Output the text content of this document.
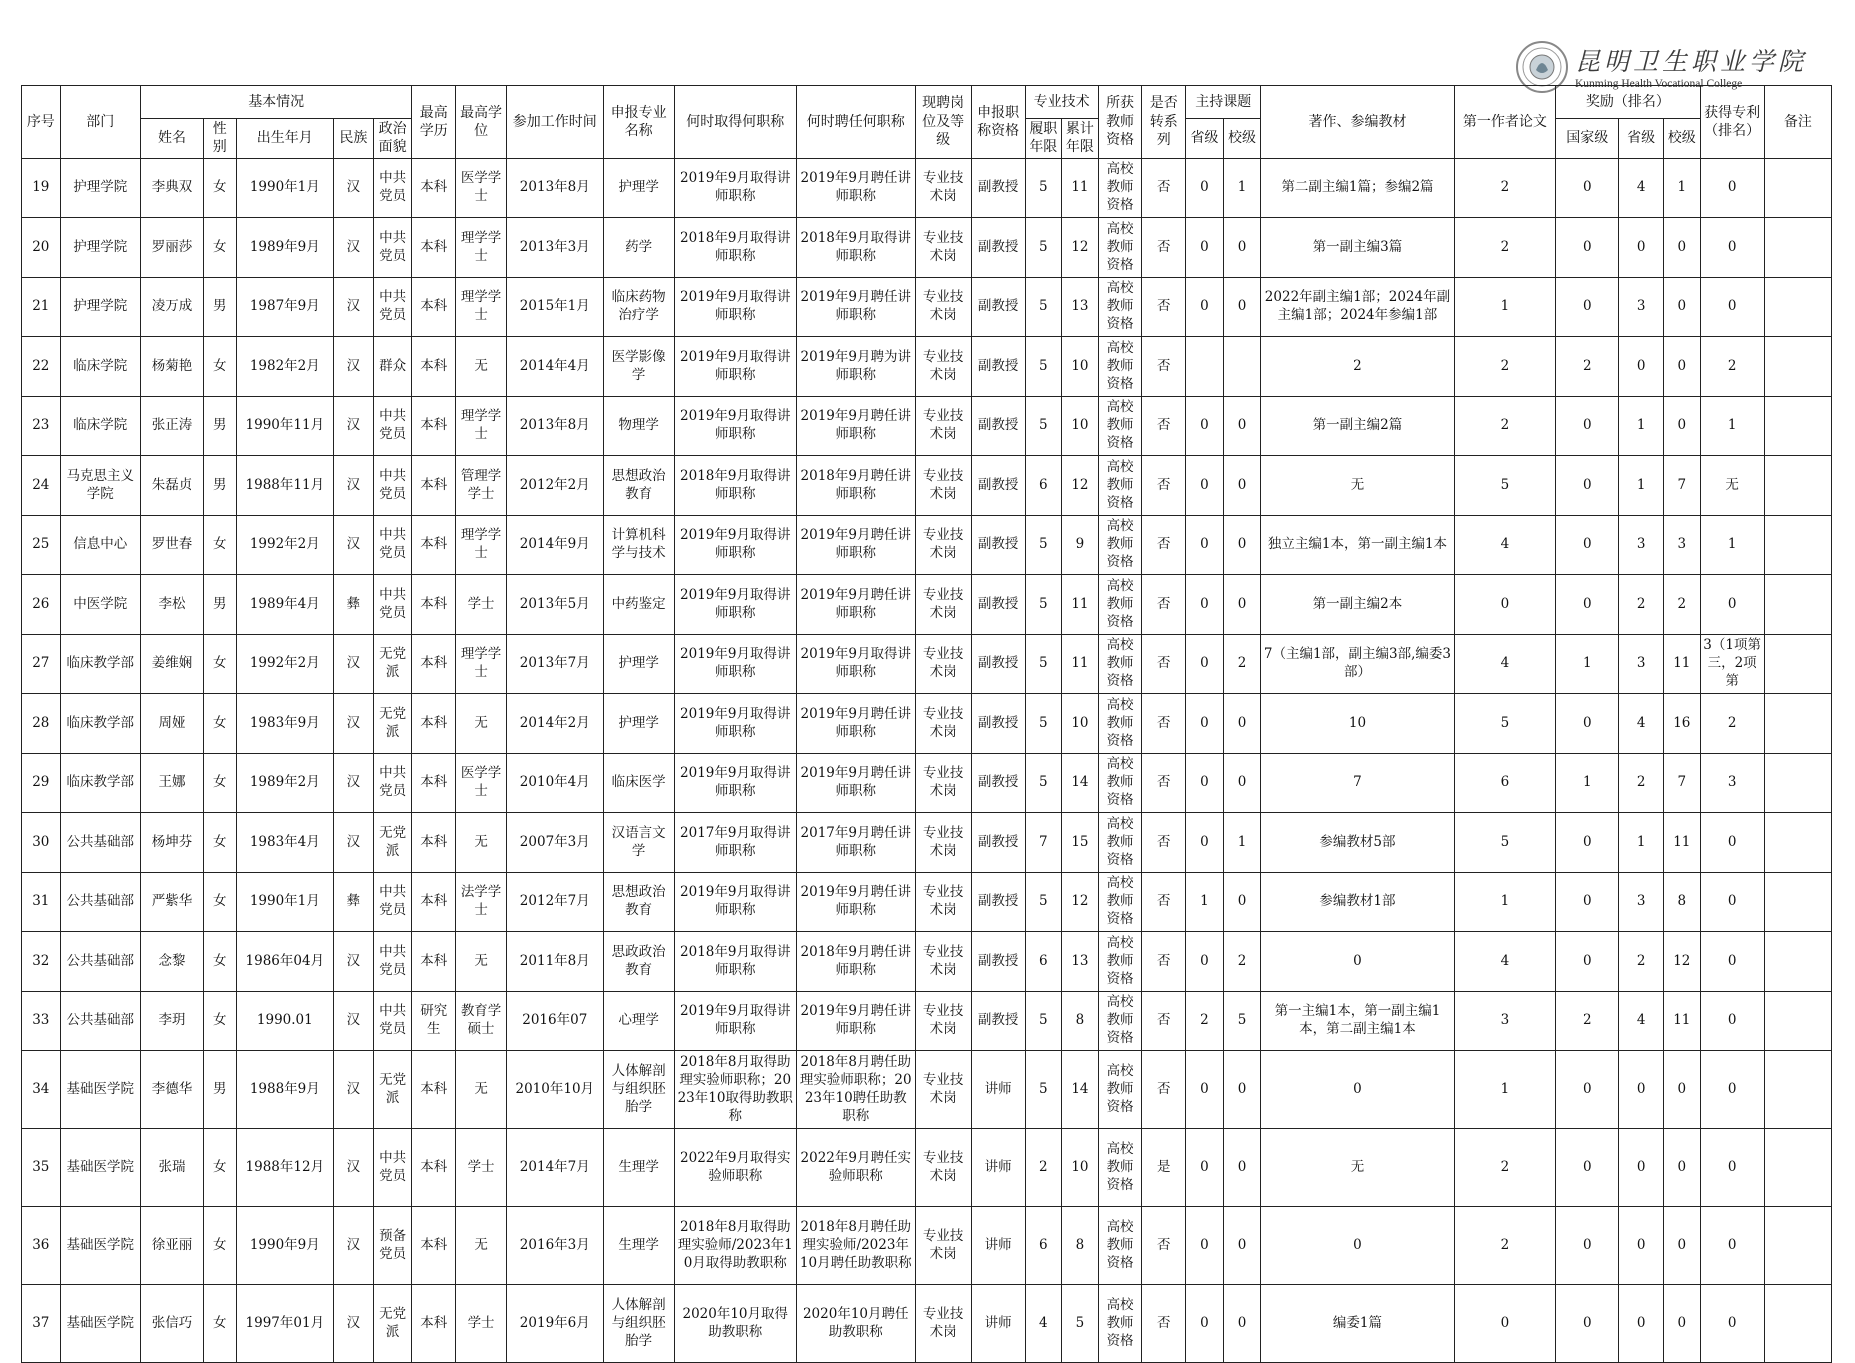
昆明卫生职业学院
Kunming Health Vocational College
序号	部门	基本情况					最高学历	最高学位	参加工作时间	申报专业名称	何时取得何职称	何时聘任何职称	现聘岗位及等级	申报职称资格	专业技术		所获教师资格	是否转系列	主持课题		著作、参编教材	第一作者论文	奖励（排名）			获得专利（排名）	备注
		姓名	性别	出生年月	民族	政治面貌									履职年限	累计年限			省级	校级			国家级	省级	校级		
19	护理学院	李典双	女	1990年1月	汉	中共党员	本科	医学学士	2013年8月	护理学	2019年9月取得讲师职称	2019年9月聘任讲师职称	专业技术岗	副教授	5	11	高校教师资格	否	0	1	第二副主编1篇；参编2篇	2	0	4	1	0	
20	护理学院	罗丽莎	女	1989年9月	汉	中共党员	本科	理学学士	2013年3月	药学	2018年9月取得讲师职称	2018年9月取得讲师职称	专业技术岗	副教授	5	12	高校教师资格	否	0	0	第一副主编3篇	2	0	0	0	0	
21	护理学院	凌万成	男	1987年9月	汉	中共党员	本科	理学学士	2015年1月	临床药物治疗学	2019年9月取得讲师职称	2019年9月聘任讲师职称	专业技术岗	副教授	5	13	高校教师资格	否	0	0	2022年副主编1部；2024年副主编1部；2024年参编1部	1	0	3	0	0	
22	临床学院	杨菊艳	女	1982年2月	汉	群众	本科	无	2014年4月	医学影像学	2019年9月取得讲师职称	2019年9月聘为讲师职称	专业技术岗	副教授	5	10	高校教师资格	否			2	2	2	0	0	2	
23	临床学院	张正涛	男	1990年11月	汉	中共党员	本科	理学学士	2013年8月	物理学	2019年9月取得讲师职称	2019年9月聘任讲师职称	专业技术岗	副教授	5	10	高校教师资格	否	0	0	第一副主编2篇	2	0	1	0	1	
24	马克思主义学院	朱磊贞	男	1988年11月	汉	中共党员	本科	管理学学士	2012年2月	思想政治教育	2018年9月取得讲师职称	2018年9月聘任讲师职称	专业技术岗	副教授	6	12	高校教师资格	否	0	0	无	5	0	1	7	无	
25	信息中心	罗世春	女	1992年2月	汉	中共党员	本科	理学学士	2014年9月	计算机科学与技术	2019年9月取得讲师职称	2019年9月聘任讲师职称	专业技术岗	副教授	5	9	高校教师资格	否	0	0	独立主编1本，第一副主编1本	4	0	3	3	1	
26	中医学院	李松	男	1989年4月	彝	中共党员	本科	学士	2013年5月	中药鉴定	2019年9月取得讲师职称	2019年9月聘任讲师职称	专业技术岗	副教授	5	11	高校教师资格	否	0	0	第一副主编2本	0	0	2	2	0	
27	临床教学部	姜维娴	女	1992年2月	汉	无党派	本科	理学学士	2013年7月	护理学	2019年9月取得讲师职称	2019年9月取得讲师职称	专业技术岗	副教授	5	11	高校教师资格	否	0	2	7（主编1部，副主编3部,编委3部）	4	1	3	11	3（1项第三，2项第	
28	临床教学部	周娅	女	1983年9月	汉	无党派	本科	无	2014年2月	护理学	2019年9月取得讲师职称	2019年9月聘任讲师职称	专业技术岗	副教授	5	10	高校教师资格	否	0	0	10	5	0	4	16	2	
29	临床教学部	王娜	女	1989年2月	汉	中共党员	本科	医学学士	2010年4月	临床医学	2019年9月取得讲师职称	2019年9月聘任讲师职称	专业技术岗	副教授	5	14	高校教师资格	否	0	0	7	6	1	2	7	3	
30	公共基础部	杨坤芬	女	1983年4月	汉	无党派	本科	无	2007年3月	汉语言文学	2017年9月取得讲师职称	2017年9月聘任讲师职称	专业技术岗	副教授	7	15	高校教师资格	否	0	1	参编教材5部	5	0	1	11	0	
31	公共基础部	严紫华	女	1990年1月	彝	中共党员	本科	法学学士	2012年7月	思想政治教育	2019年9月取得讲师职称	2019年9月聘任讲师职称	专业技术岗	副教授	5	12	高校教师资格	否	1	0	参编教材1部	1	0	3	8	0	
32	公共基础部	念黎	女	1986年04月	汉	中共党员	本科	无	2011年8月	思政政治教育	2018年9月取得讲师职称	2018年9月聘任讲师职称	专业技术岗	副教授	6	13	高校教师资格	否	0	2	0	4	0	2	12	0	
33	公共基础部	李玥	女	1990.01	汉	中共党员	研究生	教育学硕士	2016年07	心理学	2019年9月取得讲师职称	2019年9月聘任讲师职称	专业技术岗	副教授	5	8	高校教师资格	否	2	5	第一主编1本，第一副主编1本，第二副主编1本	3	2	4	11	0	
34	基础医学院	李德华	男	1988年9月	汉	无党派	本科	无	2010年10月	人体解剖与组织胚胎学	2018年8月取得助理实验师职称；2023年10取得助教职称	2018年8月聘任助理实验师职称；2023年10聘任助教职称	专业技术岗	讲师	5	14	高校教师资格	否	0	0	0	1	0	0	0	0	
35	基础医学院	张瑞	女	1988年12月	汉	中共党员	本科	学士	2014年7月	生理学	2022年9月取得实验师职称	2022年9月聘任实验师职称	专业技术岗	讲师	2	10	高校教师资格	是	0	0	无	2	0	0	0	0	
36	基础医学院	徐亚丽	女	1990年9月	汉	预备党员	本科	无	2016年3月	生理学	2018年8月取得助理实验师/2023年10月取得助教职称	2018年8月聘任助理实验师/2023年10月聘任助教职称	专业技术岗	讲师	6	8	高校教师资格	否	0	0	0	2	0	0	0	0	
37	基础医学院	张信巧	女	1997年01月	汉	无党派	本科	学士	2019年6月	人体解剖与组织胚胎学	2020年10月取得助教职称	2020年10月聘任助教职称	专业技术岗	讲师	4	5	高校教师资格	否	0	0	编委1篇	0	0	0	0	0	
